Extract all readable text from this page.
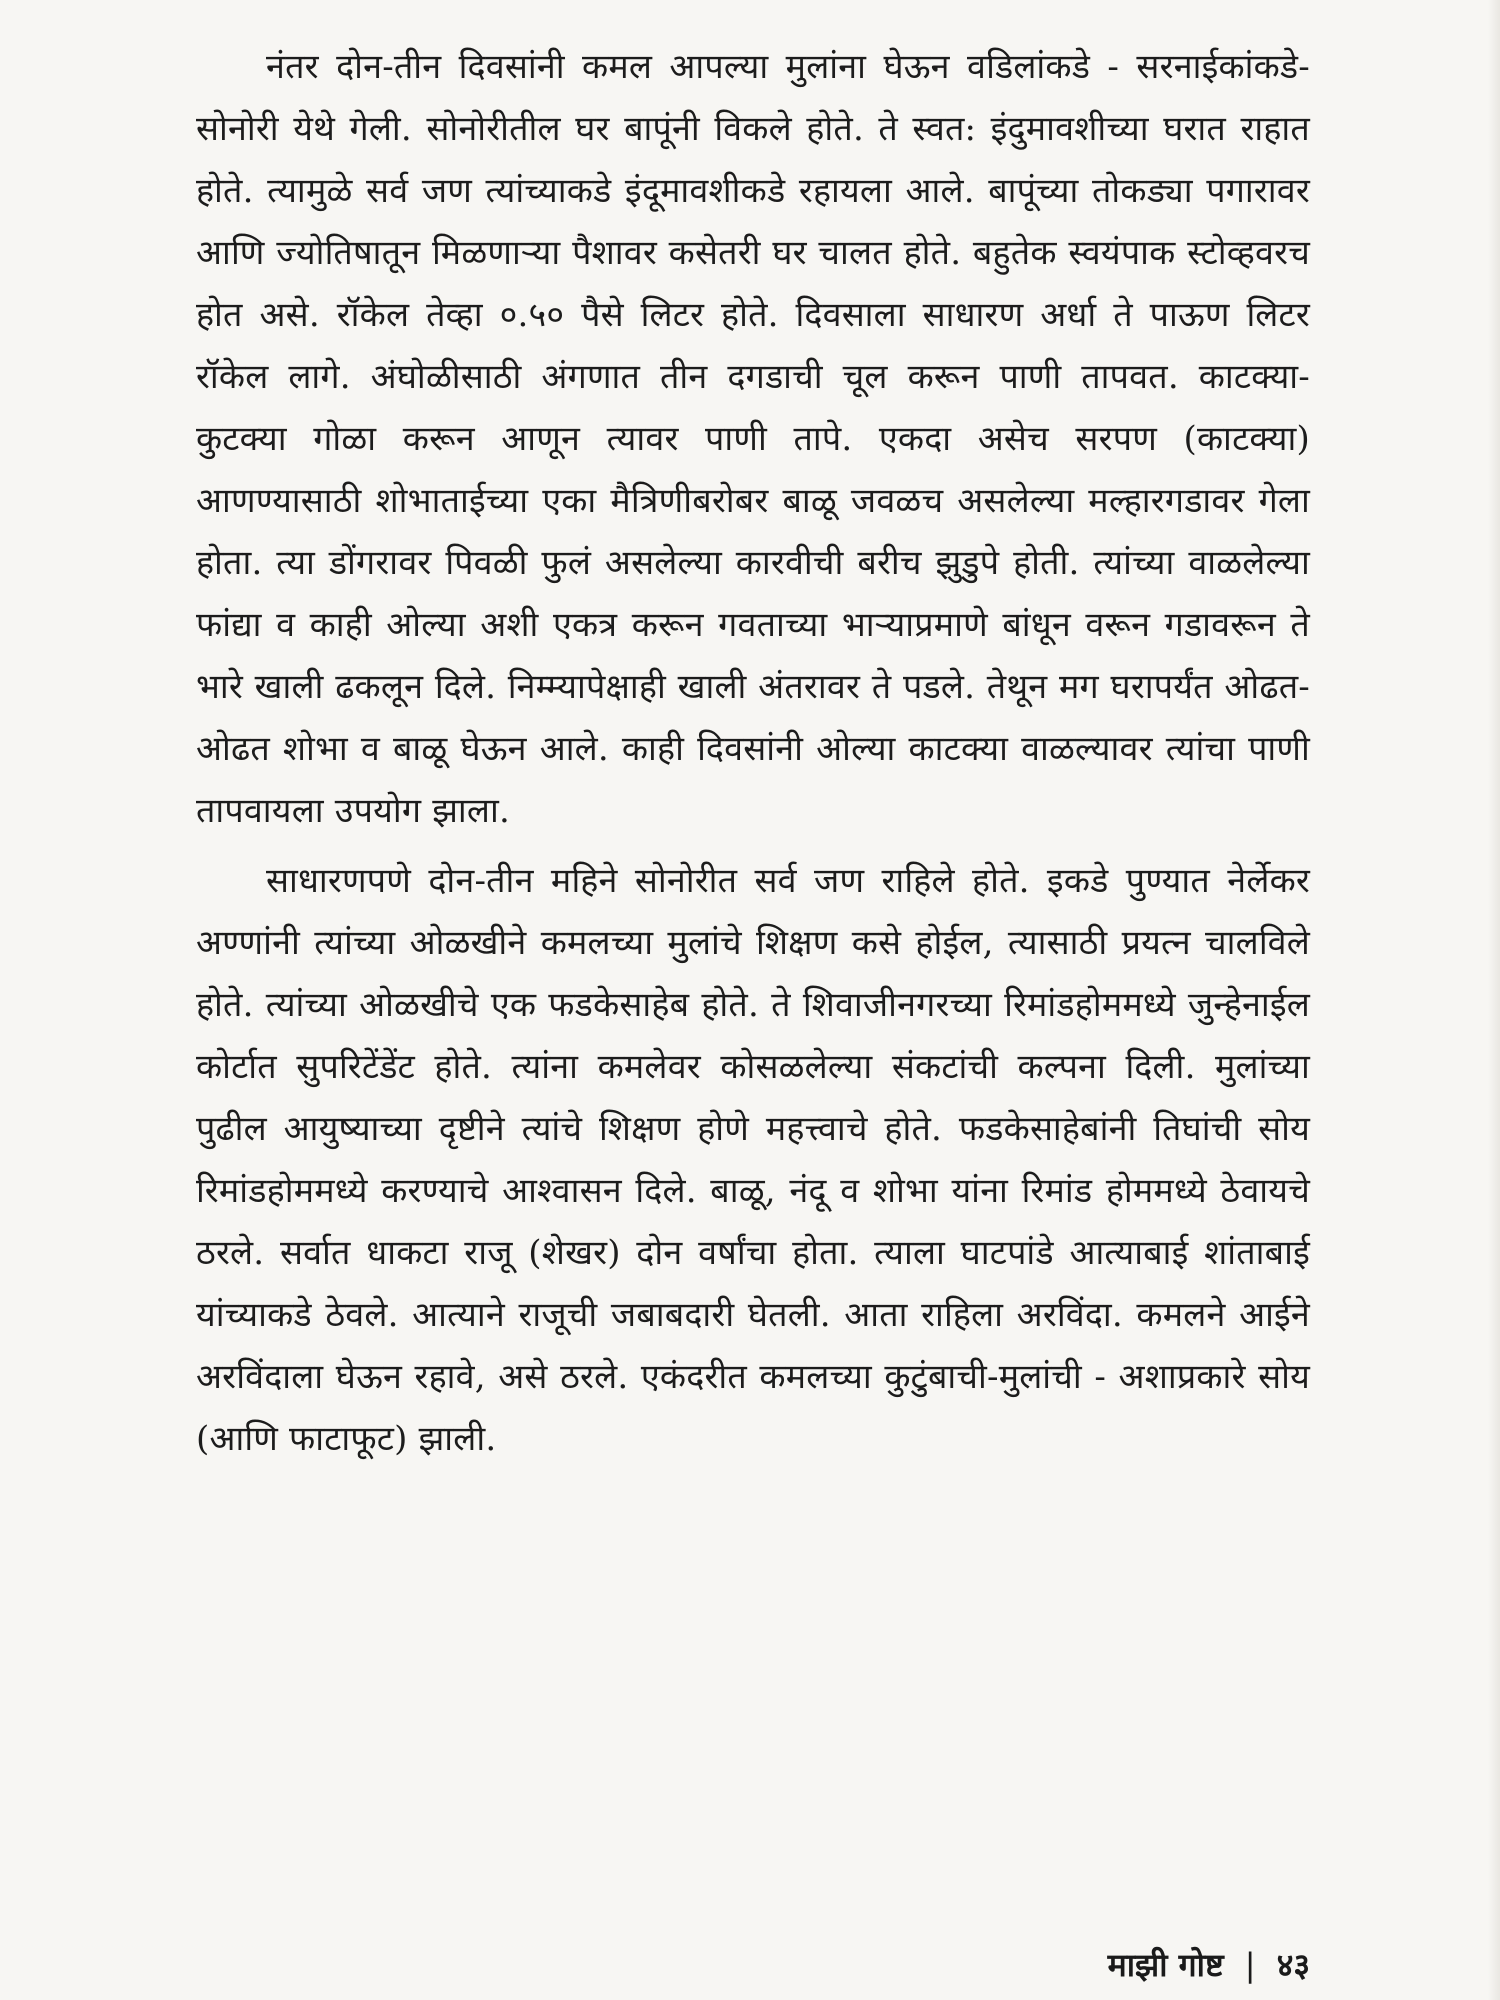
नंतर दोन-तीन दिवसांनी कमल आपल्या मुलांना घेऊन वडिलांकडे - सरनाईकांकडे-सोनोरी येथे गेली. सोनोरीतील घर बापूंनी विकले होते. ते स्वत: इंदुमावशीच्या घरात राहात होते. त्यामुळे सर्व जण त्यांच्याकडे इंदूमावशीकडे रहायला आले. बापूंच्या तोकड्या पगारावर आणि ज्योतिषातून मिळणाऱ्या पैशावर कसेतरी घर चालत होते. बहुतेक स्वयंपाक स्टोव्हवरच होत असे. रॉकेल तेव्हा ०.५० पैसे लिटर होते. दिवसाला साधारण अर्धा ते पाऊण लिटर रॉकेल लागे. अंघोळीसाठी अंगणात तीन दगडाची चूल करून पाणी तापवत. काटक्या-कुटक्या गोळा करून आणून त्यावर पाणी तापे. एकदा असेच सरपण (काटक्या) आणण्यासाठी शोभाताईच्या एका मैत्रिणीबरोबर बाळू जवळच असलेल्या मल्हारगडावर गेला होता. त्या डोंगरावर पिवळी फुलं असलेल्या कारवीची बरीच झुडुपे होती. त्यांच्या वाळलेल्या फांद्या व काही ओल्या अशी एकत्र करून गवताच्या भाऱ्याप्रमाणे बांधून वरून गडावरून ते भारे खाली ढकलून दिले. निम्म्यापेक्षाही खाली अंतरावर ते पडले. तेथून मग घरापर्यंत ओढत-ओढत शोभा व बाळू घेऊन आले. काही दिवसांनी ओल्या काटक्या वाळल्यावर त्यांचा पाणी तापवायला उपयोग झाला.

साधारणपणे दोन-तीन महिने सोनोरीत सर्व जण राहिले होते. इकडे पुण्यात नेर्लेकर अण्णांनी त्यांच्या ओळखीने कमलच्या मुलांचे शिक्षण कसे होईल, त्यासाठी प्रयत्न चालविले होते. त्यांच्या ओळखीचे एक फडकेसाहेब होते. ते शिवाजीनगरच्या रिमांडहोममध्ये जुन्हेनाईल कोर्टात सुपरिटेंडेंट होते. त्यांना कमलेवर कोसळलेल्या संकटांची कल्पना दिली. मुलांच्या पुढील आयुष्याच्या दृष्टीने त्यांचे शिक्षण होणे महत्त्वाचे होते. फडकेसाहेबांनी तिघांची सोय रिमांडहोममध्ये करण्याचे आश्वासन दिले. बाळू, नंदू व शोभा यांना रिमांड होममध्ये ठेवायचे ठरले. सर्वात धाकटा राजू (शेखर) दोन वर्षांचा होता. त्याला घाटपांडे आत्याबाई शांताबाई यांच्याकडे ठेवले. आत्याने राजूची जबाबदारी घेतली. आता राहिला अरविंदा. कमलने आईने अरविंदाला घेऊन रहावे, असे ठरले. एकंदरीत कमलच्या कुटुंबाची-मुलांची - अशाप्रकारे सोय (आणि फाटाफूट) झाली.

माझी गोष्ट | ४३
